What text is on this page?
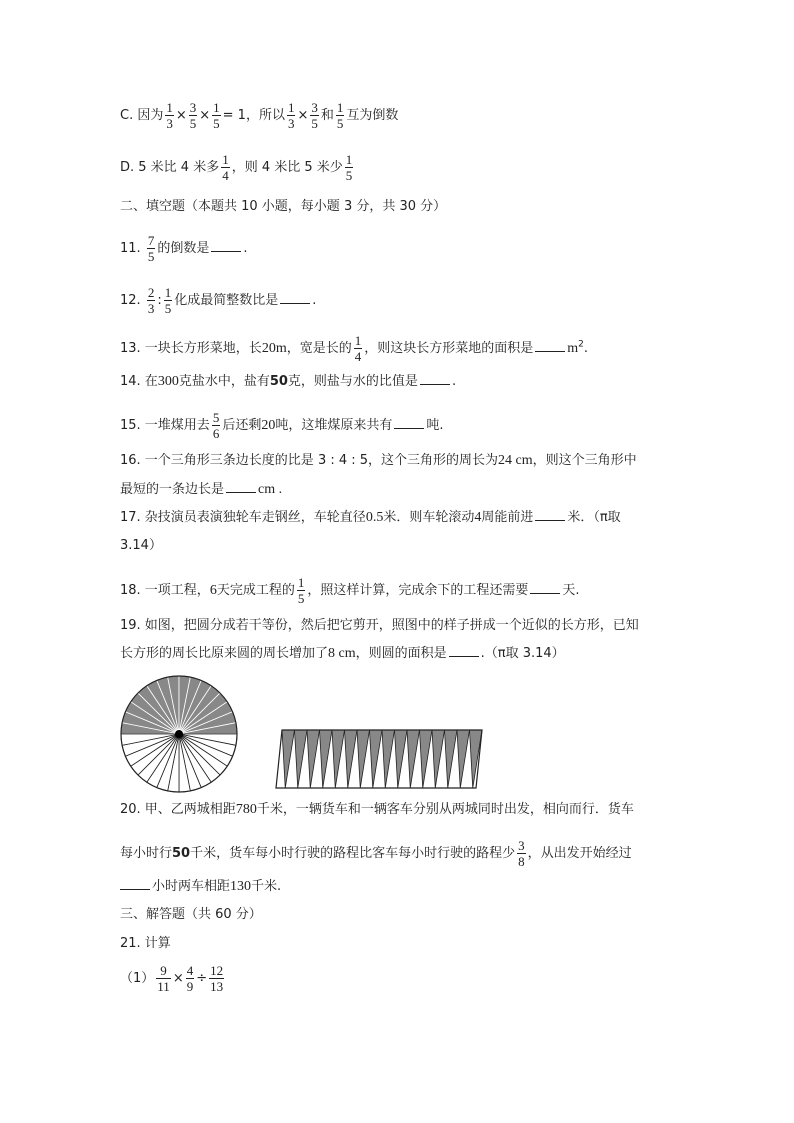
C. 因为 $\frac{1}{3} \times \frac{3}{5} \times \frac{1}{5} = 1$，所以 $\frac{1}{3} \times \frac{3}{5}$ 和 $\frac{1}{5}$ 互为倒数
D. 5 米比 4 米多 $\frac{1}{4}$ ，则 4 米比 5 米少 $\frac{1}{5}$
二、填空题（本题共 10 小题，每小题 3 分，共 30 分）
11. $\frac{7}{5}$ 的倒数是	.
12. $\frac{2}{3}$ : $\frac{1}{5}$ 化成最简整数比是	.
13. 一块长方形菜地，长20m，宽是长的 $\frac{1}{4}$ ，则这块长方形菜地的面积是 $m^2$.
14. 在300克盐水中，盐有50克，则盐与水的比值是	.
15. 一堆煤用去 $\frac{5}{6}$ 后还剩20吨，这堆煤原来共有	吨.
16. 一个三角形三条边长度的比是 3 : 4 : 5，这个三角形的周长为24 cm，则这个三角形中
最短的一条边长是 cm .
17. 杂技演员表演独轮车走钢丝，车轮直径0.5米．则车轮滚动4周能前进	米．（π取
3.14）
18. 一项工程，6天完成工程的 $\frac{1}{5}$ ，照这样计算，完成余下的工程还需要	天.
19. 如图，把圆分成若干等份，然后把它剪开，照图中的样子拼成一个近似的长方形，已知
长方形的周长比原来圆的周长增加了8 cm，则圆的面积是	.（π取 3.14）
20. 甲、乙两城相距780千米，一辆货车和一辆客车分别从两城同时出发，相向而行．货车
每小时行50千米，货车每小时行驶的路程比客车每小时行驶的路程少 $\frac{3}{8}$ ，从出发开始经过
小时两车相距130千米.
三、解答题（共 60 分）
21. 计算
$(1) \frac{9}{11} \times \frac{4}{9} \div \frac{12}{13}$
